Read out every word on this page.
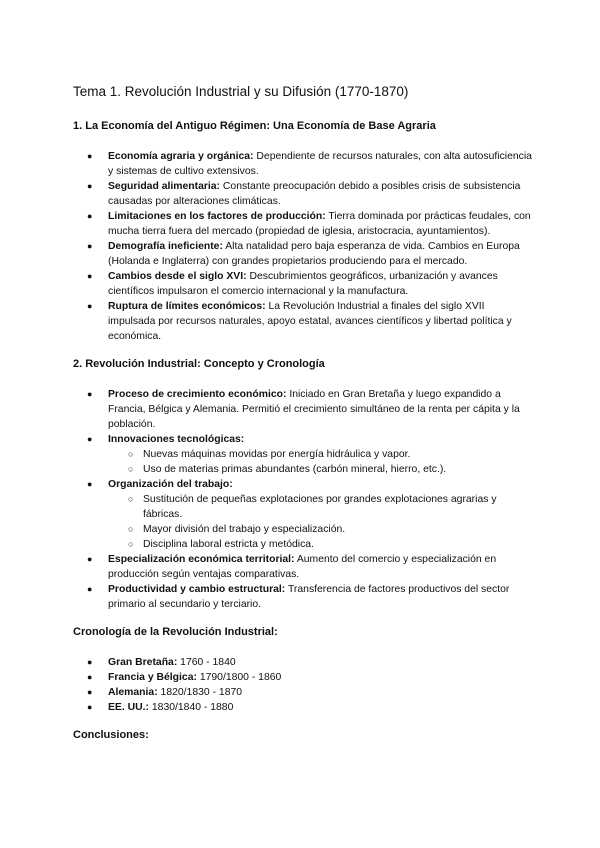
Tema 1. Revolución Industrial y su Difusión (1770-1870)
1. La Economía del Antiguo Régimen: Una Economía de Base Agraria
● Economía agraria y orgánica: Dependiente de recursos naturales, con alta autosuficiencia y sistemas de cultivo extensivos.
● Seguridad alimentaria: Constante preocupación debido a posibles crisis de subsistencia causadas por alteraciones climáticas.
● Limitaciones en los factores de producción: Tierra dominada por prácticas feudales, con mucha tierra fuera del mercado (propiedad de iglesia, aristocracia, ayuntamientos).
● Demografía ineficiente: Alta natalidad pero baja esperanza de vida. Cambios en Europa (Holanda e Inglaterra) con grandes propietarios produciendo para el mercado.
● Cambios desde el siglo XVI: Descubrimientos geográficos, urbanización y avances científicos impulsaron el comercio internacional y la manufactura.
● Ruptura de límites económicos: La Revolución Industrial a finales del siglo XVII impulsada por recursos naturales, apoyo estatal, avances científicos y libertad política y económica.
2. Revolución Industrial: Concepto y Cronología
● Proceso de crecimiento económico: Iniciado en Gran Bretaña y luego expandido a Francia, Bélgica y Alemania. Permitió el crecimiento simultáneo de la renta per cápita y la población.
● Innovaciones tecnológicas:
○ Nuevas máquinas movidas por energía hidráulica y vapor.
○ Uso de materias primas abundantes (carbón mineral, hierro, etc.).
● Organización del trabajo:
○ Sustitución de pequeñas explotaciones por grandes explotaciones agrarias y fábricas.
○ Mayor división del trabajo y especialización.
○ Disciplina laboral estricta y metódica.
● Especialización económica territorial: Aumento del comercio y especialización en producción según ventajas comparativas.
● Productividad y cambio estructural: Transferencia de factores productivos del sector primario al secundario y terciario.
Cronología de la Revolución Industrial:
● Gran Bretaña: 1760 - 1840
● Francia y Bélgica: 1790/1800 - 1860
● Alemania: 1820/1830 - 1870
● EE. UU.: 1830/1840 - 1880
Conclusiones:
